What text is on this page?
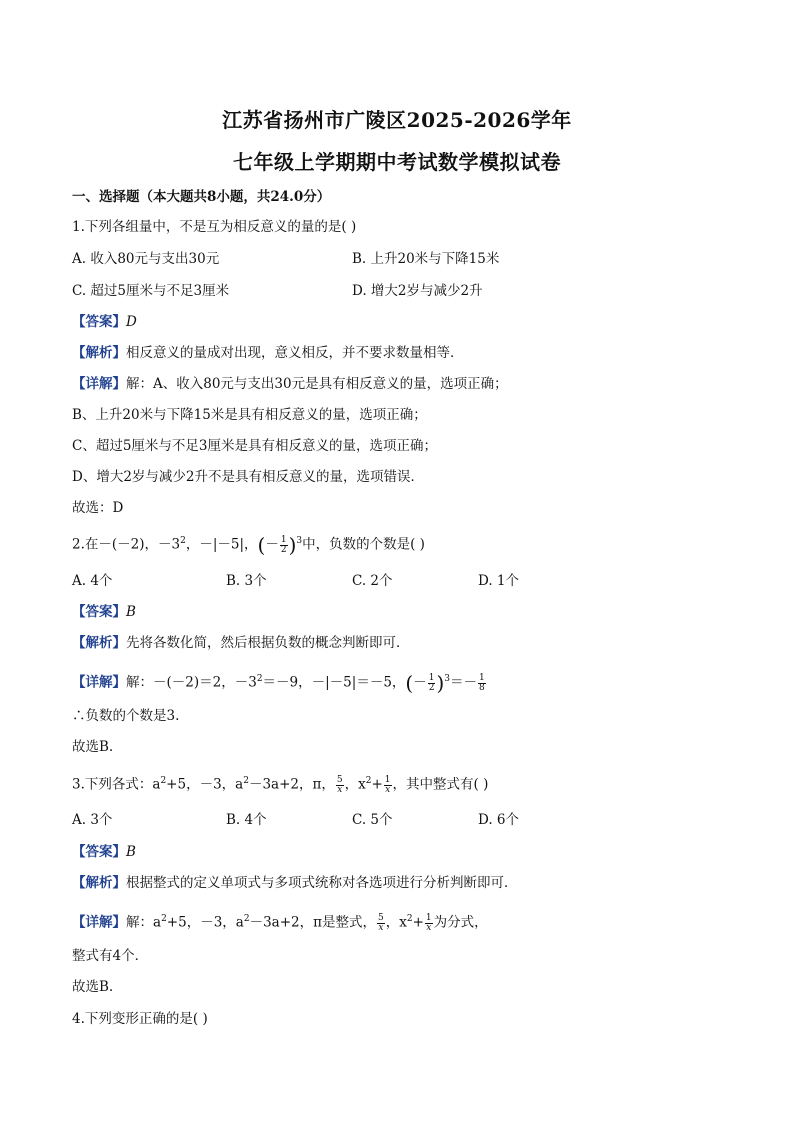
江苏省扬州市广陵区2025-2026学年
七年级上学期期中考试数学模拟试卷
一、选择题（本大题共8小题，共24.0分）
1.下列各组量中，不是互为相反意义的量的是( )
A. 收入80元与支出30元	B. 上升20米与下降15米
C. 超过5厘米与不足3厘米	D. 增大2岁与减少2升
【答案】D
【解析】相反意义的量成对出现，意义相反，并不要求数量相等．
【详解】解：A、收入80元与支出30元是具有相反意义的量，选项正确；
B、上升20米与下降15米是具有相反意义的量，选项正确；
C、超过5厘米与不足3厘米是具有相反意义的量，选项正确；
D、增大2岁与减少2升不是具有相反意义的量，选项错误．
故选：D
2.在－(－2)，$-3^2$，－|－5|，(－ $\frac{1}{2} )^3$中，负数的个数是( )
A. 4个	B. 3个	C. 2个	D. 1个
【答案】B
【解析】先将各数化简，然后根据负数的概念判断即可．
【详解】解：－(－2)＝2，$-3^2=-9$，－|－5|＝－5，(－ $\frac{1}{2} )^3=- \frac{1}{8}$
∴负数的个数是3.
故选B.
3.下列各式：$a^2+5$，－3，$a^2-3a+2$，π， $\frac{5}{x}$ ，$x^2+ \frac{1}{x}$ ，其中整式有( )
A. 3个	B. 4个	C. 5个	D. 6个
【答案】B
【解析】根据整式的定义单项式与多项式统称对各选项进行分析判断即可．
【详解】解：$a^2+5$，－3，$a^2-3a+2$，π是整式， $\frac{5}{x}$ ，$x^2+ \frac{1}{x}$ 为分式，
整式有4个．
故选B.
4.下列变形正确的是( )
